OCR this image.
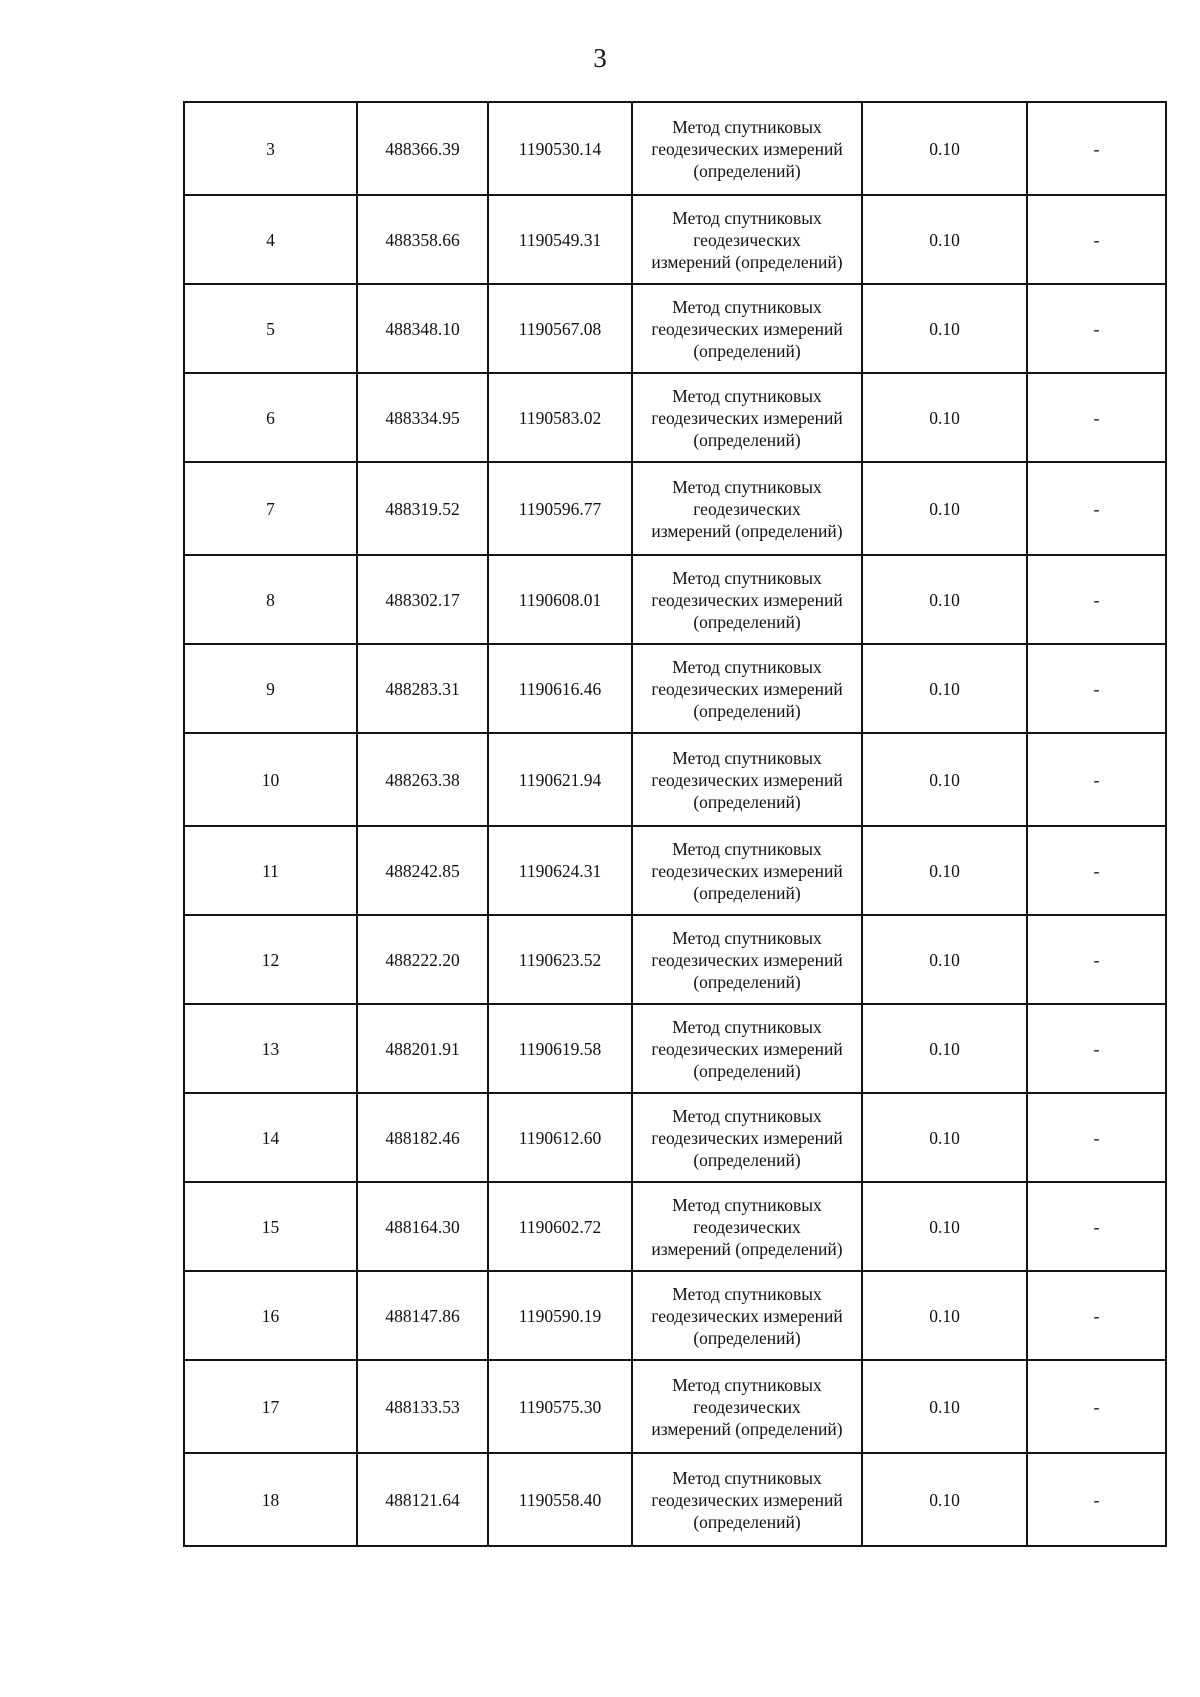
3
3	488366.39	1190530.14	Метод спутниковых
геодезических измерений
(определений)	0.10	-
4	488358.66	1190549.31	Метод спутниковых
геодезических
измерений (определений)	0.10	-
5	488348.10	1190567.08	Метод спутниковых
геодезических измерений
(определений)	0.10	-
6	488334.95	1190583.02	Метод спутниковых
геодезических измерений
(определений)	0.10	-
7	488319.52	1190596.77	Метод спутниковых
геодезических
измерений (определений)	0.10	-
8	488302.17	1190608.01	Метод спутниковых
геодезических измерений
(определений)	0.10	-
9	488283.31	1190616.46	Метод спутниковых
геодезических измерений
(определений)	0.10	-
10	488263.38	1190621.94	Метод спутниковых
геодезических измерений
(определений)	0.10	-
11	488242.85	1190624.31	Метод спутниковых
геодезических измерений
(определений)	0.10	-
12	488222.20	1190623.52	Метод спутниковых
геодезических измерений
(определений)	0.10	-
13	488201.91	1190619.58	Метод спутниковых
геодезических измерений
(определений)	0.10	-
14	488182.46	1190612.60	Метод спутниковых
геодезических измерений
(определений)	0.10	-
15	488164.30	1190602.72	Метод спутниковых
геодезических
измерений (определений)	0.10	-
16	488147.86	1190590.19	Метод спутниковых
геодезических измерений
(определений)	0.10	-
17	488133.53	1190575.30	Метод спутниковых
геодезических
измерений (определений)	0.10	-
18	488121.64	1190558.40	Метод спутниковых
геодезических измерений
(определений)	0.10	-
